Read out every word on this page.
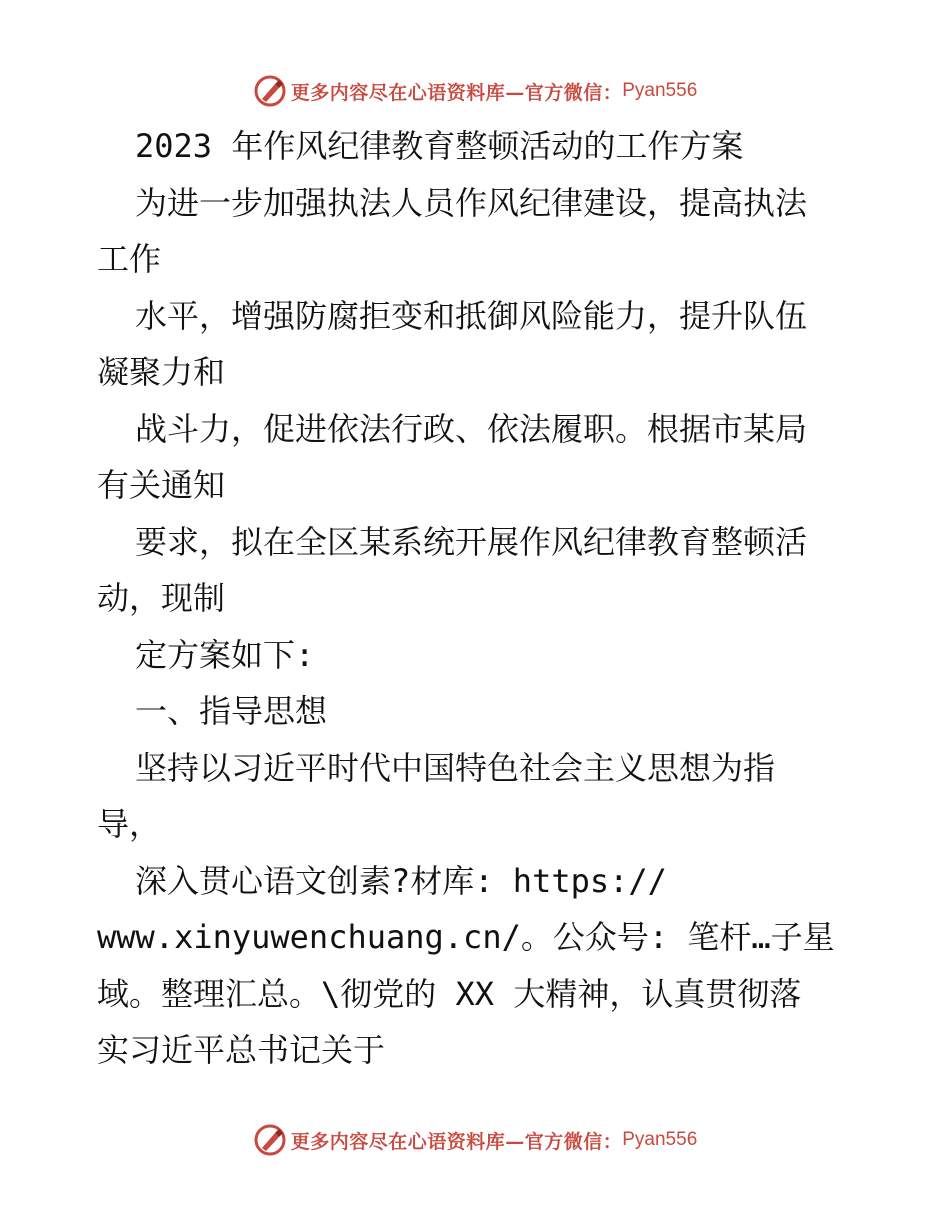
更多内容尽在心语资料库—官方微信： Pyan556
2023 年作风纪律教育整顿活动的工作方案
为进一步加强执法人员作风纪律建设，提高执法
工作
水平，增强防腐拒变和抵御风险能力，提升队伍
凝聚力和
战斗力，促进依法行政、依法履职。根据市某局
有关通知
要求，拟在全区某系统开展作风纪律教育整顿活
动，现制
定方案如下:
一、指导思想
坚持以习近平时代中国特色社会主义思想为指
导，
深入贯心语文创素?材库: https://
www.xinyuwenchuang.cn/。公众号: 笔杆…子星
域。整理汇总。\彻党的 XX 大精神，认真贯彻落
实习近平总书记关于
更多内容尽在心语资料库—官方微信： Pyan556
